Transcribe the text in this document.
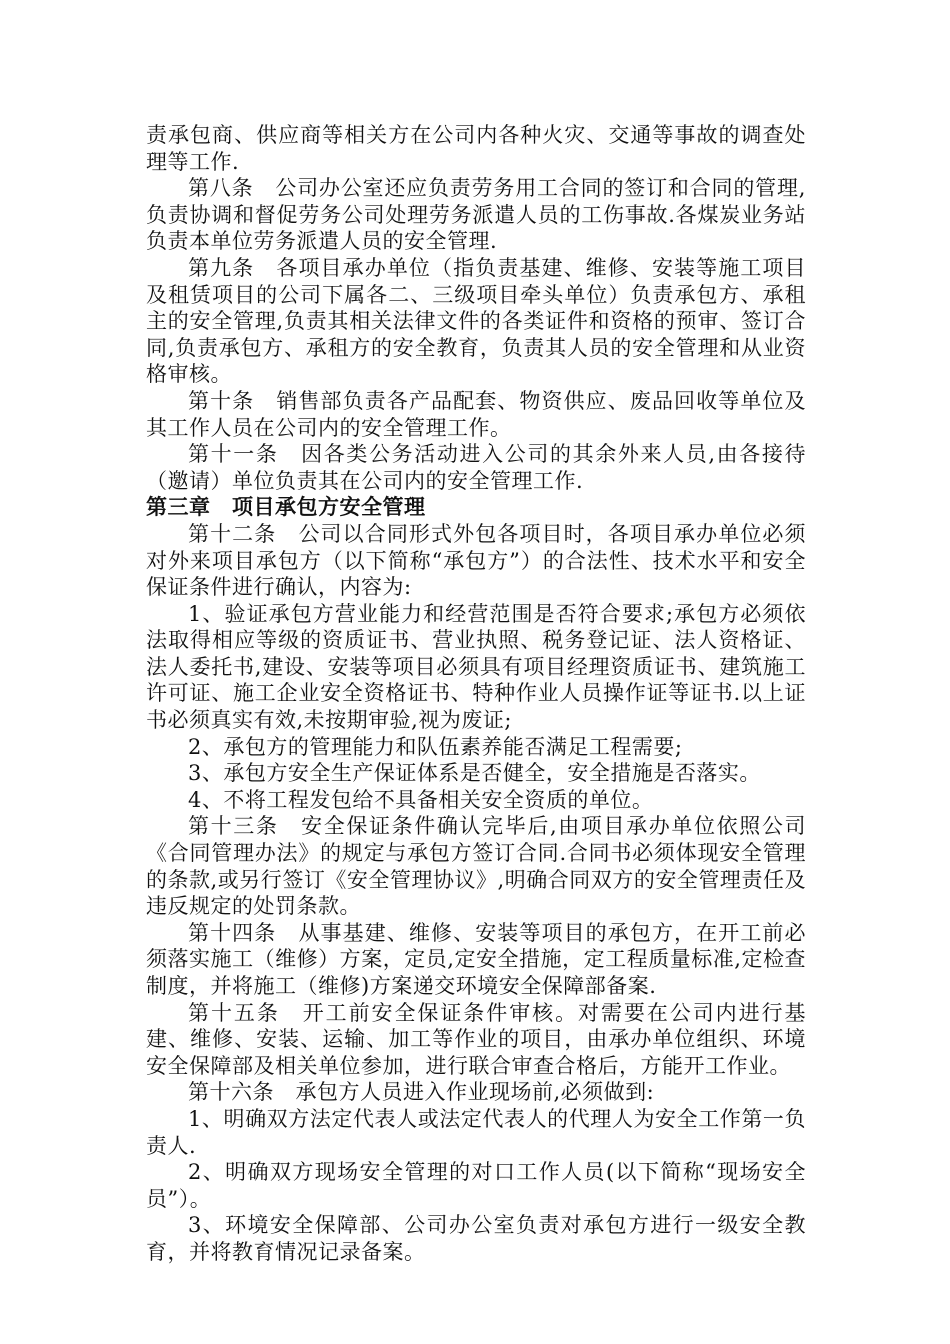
责承包商、供应商等相关方在公司内各种火灾、交通等事故的调查处理等工作.

第八条　公司办公室还应负责劳务用工合同的签订和合同的管理,负责协调和督促劳务公司处理劳务派遣人员的工伤事故.各煤炭业务站负责本单位劳务派遣人员的安全管理.

第九条　各项目承办单位（指负责基建、维修、安装等施工项目及租赁项目的公司下属各二、三级项目牵头单位）负责承包方、承租主的安全管理,负责其相关法律文件的各类证件和资格的预审、签订合同,负责承包方、承租方的安全教育，负责其人员的安全管理和从业资格审核。

第十条　销售部负责各产品配套、物资供应、废品回收等单位及其工作人员在公司内的安全管理工作。

第十一条　因各类公务活动进入公司的其余外来人员,由各接待（邀请）单位负责其在公司内的安全管理工作.

第三章　项目承包方安全管理

第十二条　公司以合同形式外包各项目时，各项目承办单位必须对外来项目承包方（以下简称“承包方”）的合法性、技术水平和安全保证条件进行确认，内容为:

1、验证承包方营业能力和经营范围是否符合要求;承包方必须依法取得相应等级的资质证书、营业执照、税务登记证、法人资格证、法人委托书,建设、安装等项目必须具有项目经理资质证书、建筑施工许可证、施工企业安全资格证书、特种作业人员操作证等证书.以上证书必须真实有效,未按期审验,视为废证;

2、承包方的管理能力和队伍素养能否满足工程需要;

3、承包方安全生产保证体系是否健全，安全措施是否落实。

4、不将工程发包给不具备相关安全资质的单位。

第十三条　安全保证条件确认完毕后,由项目承办单位依照公司《合同管理办法》的规定与承包方签订合同.合同书必须体现安全管理的条款,或另行签订《安全管理协议》,明确合同双方的安全管理责任及违反规定的处罚条款。

第十四条　从事基建、维修、安装等项目的承包方，在开工前必须落实施工（维修）方案，定员,定安全措施，定工程质量标准,定检查制度，并将施工（维修)方案递交环境安全保障部备案.

第十五条　开工前安全保证条件审核。对需要在公司内进行基建、维修、安装、运输、加工等作业的项目，由承办单位组织、环境安全保障部及相关单位参加，进行联合审查合格后，方能开工作业。

第十六条　承包方人员进入作业现场前,必须做到:

1、明确双方法定代表人或法定代表人的代理人为安全工作第一负责人.

2、明确双方现场安全管理的对口工作人员(以下简称“现场安全员”）。

3、环境安全保障部、公司办公室负责对承包方进行一级安全教育，并将教育情况记录备案。
